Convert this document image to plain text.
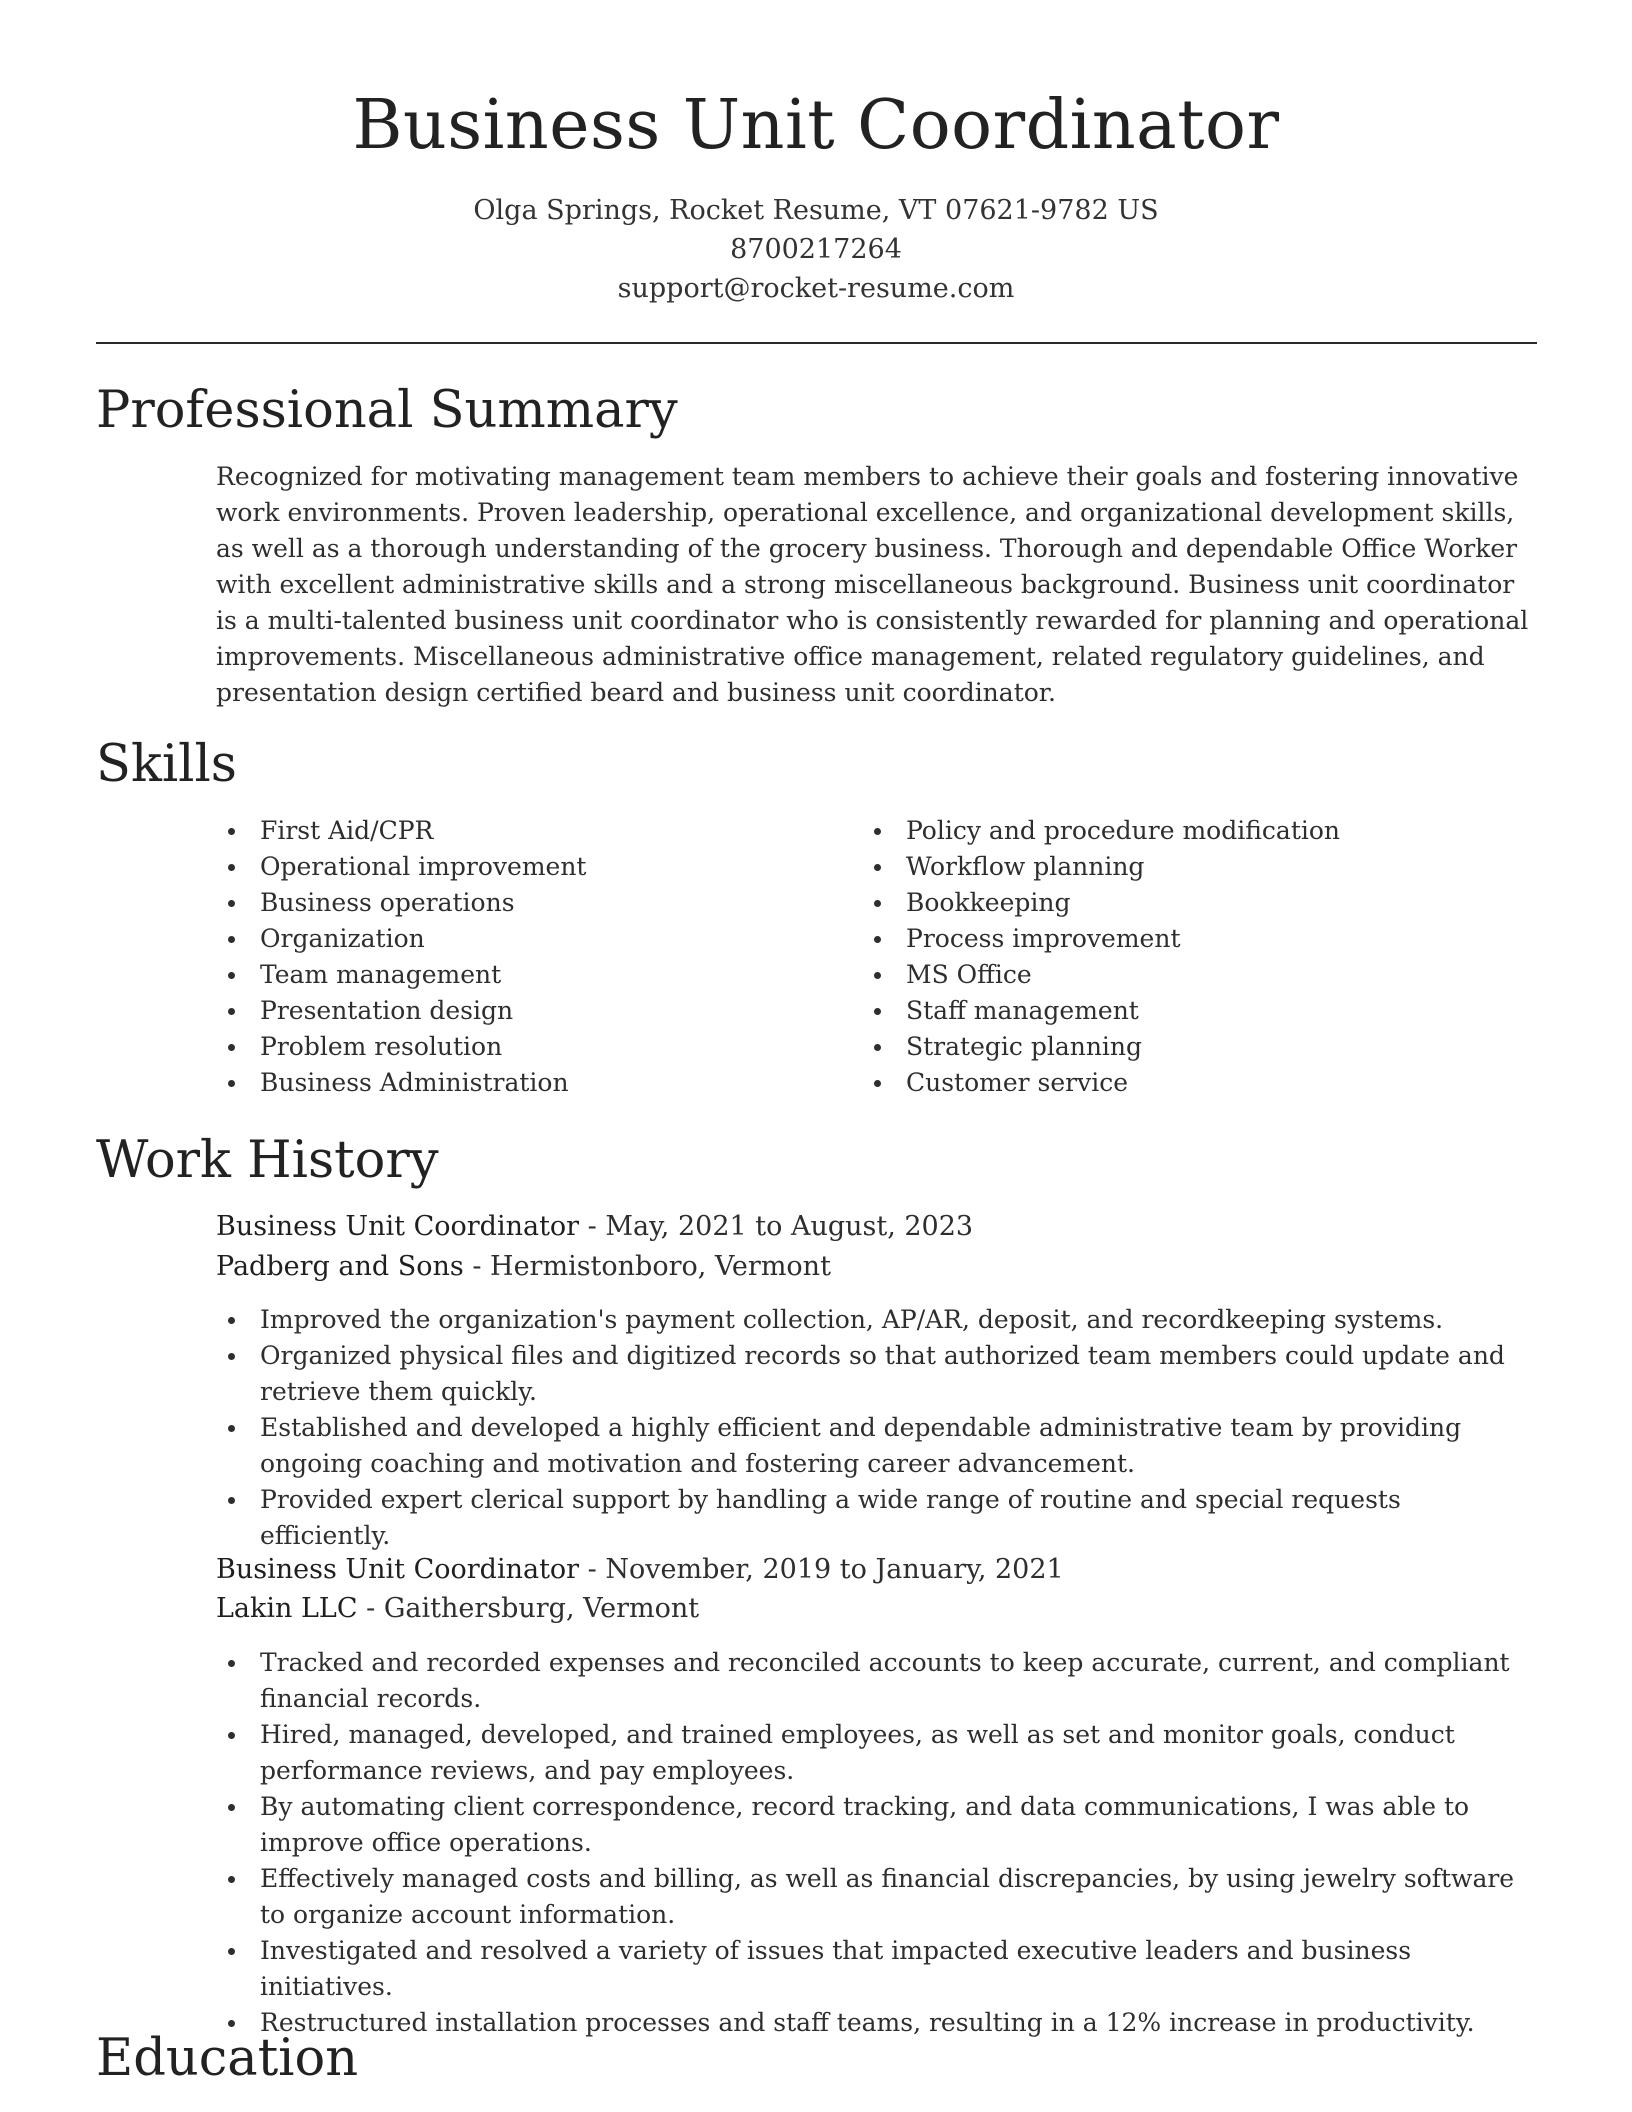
Business Unit Coordinator
Olga Springs, Rocket Resume, VT 07621-9782 US
8700217264
support@rocket-resume.com
Professional Summary
Recognized for motivating management team members to achieve their goals and fostering innovative work environments. Proven leadership, operational excellence, and organizational development skills, as well as a thorough understanding of the grocery business. Thorough and dependable Office Worker with excellent administrative skills and a strong miscellaneous background. Business unit coordinator is a multi-talented business unit coordinator who is consistently rewarded for planning and operational improvements. Miscellaneous administrative office management, related regulatory guidelines, and presentation design certified beard and business unit coordinator.
Skills
First Aid/CPR
Operational improvement
Business operations
Organization
Team management
Presentation design
Problem resolution
Business Administration
Policy and procedure modification
Workflow planning
Bookkeeping
Process improvement
MS Office
Staff management
Strategic planning
Customer service
Work History
Business Unit Coordinator - May, 2021 to August, 2023
Padberg and Sons - Hermistonboro, Vermont
Improved the organization's payment collection, AP/AR, deposit, and recordkeeping systems.
Organized physical files and digitized records so that authorized team members could update and retrieve them quickly.
Established and developed a highly efficient and dependable administrative team by providing ongoing coaching and motivation and fostering career advancement.
Provided expert clerical support by handling a wide range of routine and special requests efficiently.
Business Unit Coordinator - November, 2019 to January, 2021
Lakin LLC - Gaithersburg, Vermont
Tracked and recorded expenses and reconciled accounts to keep accurate, current, and compliant financial records.
Hired, managed, developed, and trained employees, as well as set and monitor goals, conduct performance reviews, and pay employees.
By automating client correspondence, record tracking, and data communications, I was able to improve office operations.
Effectively managed costs and billing, as well as financial discrepancies, by using jewelry software to organize account information.
Investigated and resolved a variety of issues that impacted executive leaders and business initiatives.
Restructured installation processes and staff teams, resulting in a 12% increase in productivity.
Education
